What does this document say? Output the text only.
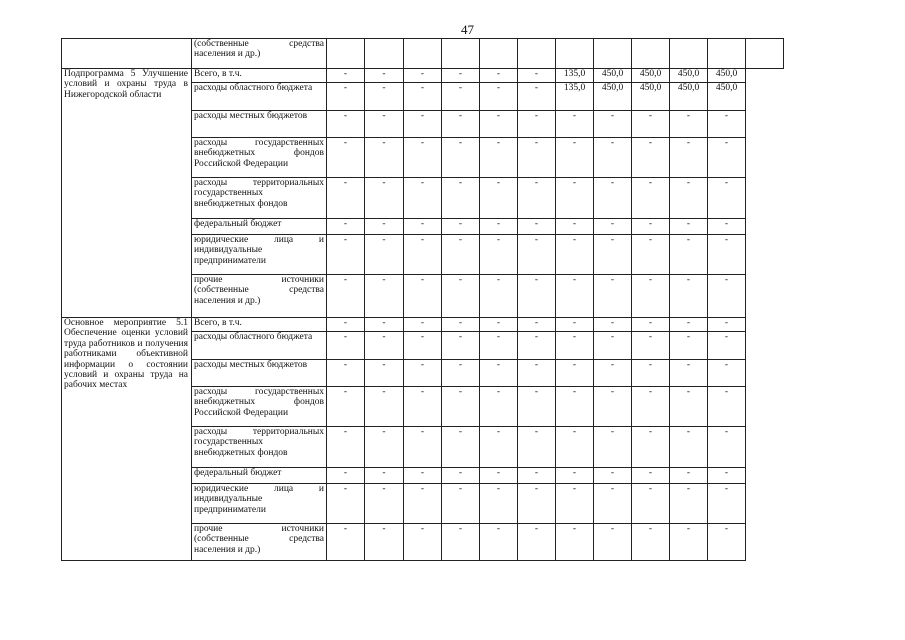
47
	(собственные средства населения и др.)												
Подпрограмма 5 Улучшение условий и охраны труда в Нижегородской области	Всего, в т.ч.	-	-	-	-	-	-	135,0	450,0	450,0	450,0	450,0	
	расходы областного бюджета	-	-	-	-	-	-	135,0	450,0	450,0	450,0	450,0	
	расходы местных бюджетов	-	-	-	-	-	-	-	-	-	-	-	
	расходы государственных внебюджетных фондов Российской Федерации	-	-	-	-	-	-	-	-	-	-	-	
	расходы территориальных государственных внебюджетных фондов	-	-	-	-	-	-	-	-	-	-	-	
	федеральный бюджет	-	-	-	-	-	-	-	-	-	-	-	
	юридические лица и индивидуальные предприниматели	-	-	-	-	-	-	-	-	-	-	-	
	прочие источники (собственные средства населения и др.)	-	-	-	-	-	-	-	-	-	-	-	
Основное мероприятие 5.1 Обеспечение оценки условий труда работников и получения работниками объективной информации о состоянии условий и охраны труда на рабочих местах	Всего, в т.ч.	-	-	-	-	-	-	-	-	-	-	-	
	расходы областного бюджета	-	-	-	-	-	-	-	-	-	-	-	
	расходы местных бюджетов	-	-	-	-	-	-	-	-	-	-	-	
	расходы государственных внебюджетных фондов Российской Федерации	-	-	-	-	-	-	-	-	-	-	-	
	расходы территориальных государственных внебюджетных фондов	-	-	-	-	-	-	-	-	-	-	-	
	федеральный бюджет	-	-	-	-	-	-	-	-	-	-	-	
	юридические лица и индивидуальные предприниматели	-	-	-	-	-	-	-	-	-	-	-	
	прочие источники (собственные средства населения и др.)	-	-	-	-	-	-	-	-	-	-	-	
